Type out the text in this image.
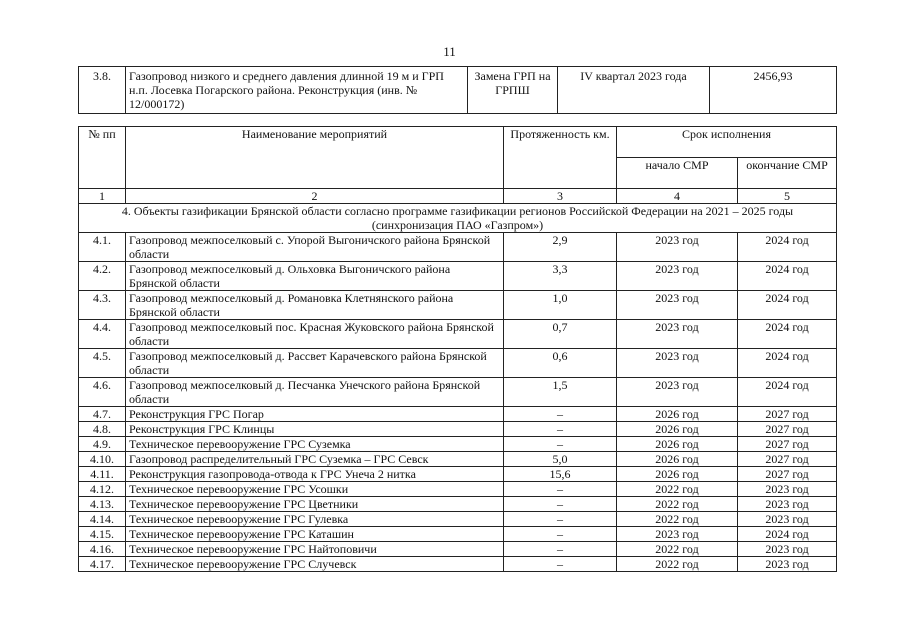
11
3.8.	Газопровод низкого и среднего давления длинной 19 м и ГРП н.п. Лосевка Погарского района. Реконструкция (инв. № 12/000172)	Замена ГРП на ГРПШ	IV квартал 2023 года	2456,93
№ пп	Наименование мероприятий	Протяженность км.	Срок исполнения	
			начало СМР	окончание СМР
1	2	3	4	5
4. Объекты газификации Брянской области согласно программе газификации регионов Российской Федерации на 2021 – 2025 годы (синхронизация ПАО «Газпром»)				
4.1.	Газопровод межпоселковый с. Упорой Выгоничского района Брянской области	2,9	2023 год	2024 год
4.2.	Газопровод межпоселковый д. Ольховка Выгоничского района Брянской области	3,3	2023 год	2024 год
4.3.	Газопровод межпоселковый д. Романовка Клетнянского района Брянской области	1,0	2023 год	2024 год
4.4.	Газопровод межпоселковый пос. Красная Жуковского района Брянской области	0,7	2023 год	2024 год
4.5.	Газопровод межпоселковый д. Рассвет Карачевского района Брянской области	0,6	2023 год	2024 год
4.6.	Газопровод межпоселковый д. Песчанка Унечского района Брянской области	1,5	2023 год	2024 год
4.7.	Реконструкция ГРС Погар	–	2026 год	2027 год
4.8.	Реконструкция ГРС Клинцы	–	2026 год	2027 год
4.9.	Техническое перевооружение ГРС Суземка	–	2026 год	2027 год
4.10.	Газопровод распределительный ГРС Суземка – ГРС Севск	5,0	2026 год	2027 год
4.11.	Реконструкция газопровода-отвода к ГРС Унеча 2 нитка	15,6	2026 год	2027 год
4.12.	Техническое перевооружение ГРС Усошки	–	2022 год	2023 год
4.13.	Техническое перевооружение ГРС Цветники	–	2022 год	2023 год
4.14.	Техническое перевооружение ГРС Гулевка	–	2022 год	2023 год
4.15.	Техническое перевооружение ГРС Каташин	–	2023 год	2024 год
4.16.	Техническое перевооружение ГРС Найтоповичи	–	2022 год	2023 год
4.17.	Техническое перевооружение ГРС Случевск	–	2022 год	2023 год
